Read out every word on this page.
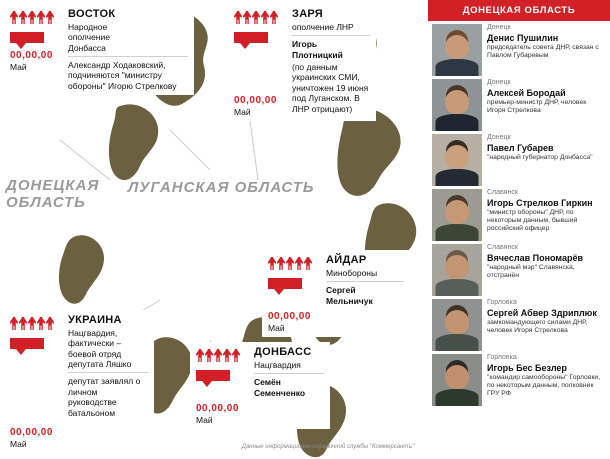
ЛУГАНСКАЯ ОБЛАСТЬ
ДОНЕЦКАЯ ОБЛАСТЬ
00,00,00
Май
ВОСТОК
Народное
ополчение
Донбасса
Александр Ходаковский, подчиняются "министру обороны" Игорю Стрелкову
00,00,00
Май
ЗАРЯ
ополчение ЛНР
Игорь Плотницкий
(по данным украинских СМИ, уничтожен 19 июня под Луганском. В ЛНР отрицают)
00,00,00
Май
УКРАИНА
Нацгвардия, фактически – боевой отряд депутата Ляшко
депутат заявлял о личном руководстве батальоном
00,00,00
Май
АЙДАР
Минобороны
Сергей Мельничук
00,00,00
Май
ДОНБАСС
Нацгвардия
Семён Семенченко
Данные информационно-справочной службы "Коммерсантъ"
ДОНЕЦКАЯ ОБЛАСТЬ
Донецк
Денис Пушилин
председатель совета ДНР, связан с Павлом Губаревым
Донецк
Алексей Бородай
премьер-министр ДНР, человек Игоря Стрелкова
Донецк
Павел Губарев
"народный губернатор Донбасса"
Славянск
Игорь Стрелков Гиркин
"министр обороны" ДНР, по некоторым данным, бывший российский офицер
Славянск
Вячеслав Пономарёв
"народный мэр" Славянска, отстранён
Горловка
Сергей Абвер Здриплюк
замкомандующего силами ДНР, человек Игоря Стрелкова
Горловка
Игорь Бес Безлер
"командир самообороны" Горловки, по некоторым данным, полковник ГРУ РФ
